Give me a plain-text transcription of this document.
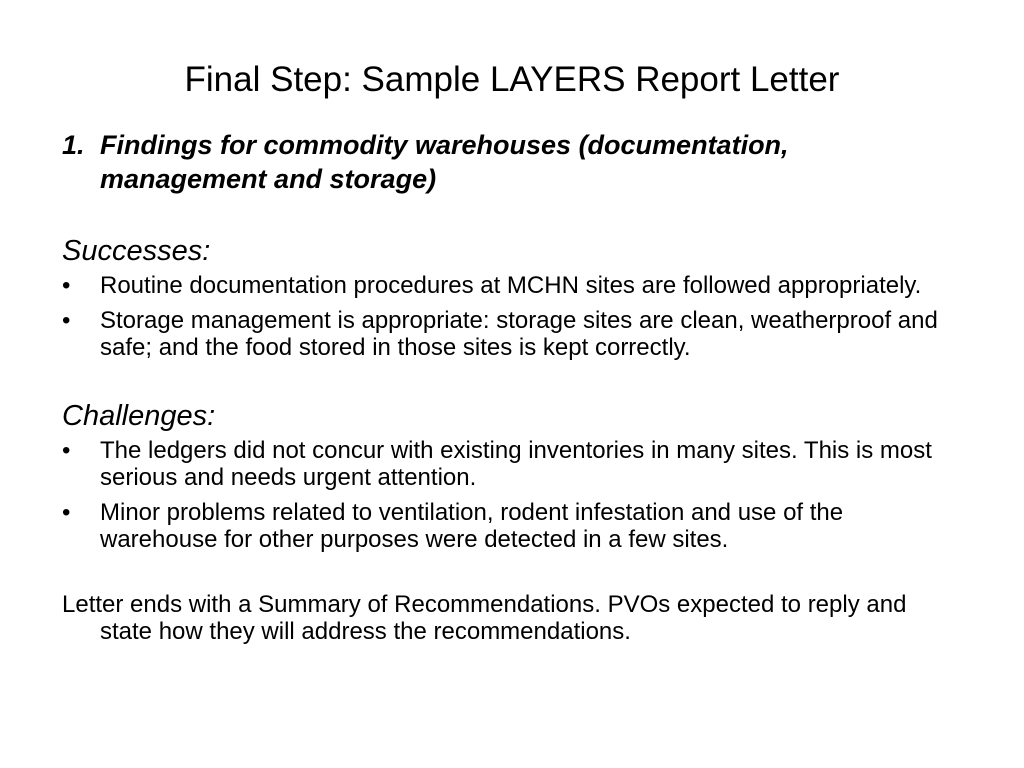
Final Step: Sample LAYERS Report Letter

1. Findings for commodity warehouses (documentation, management and storage)

Successes:

• Routine documentation procedures at MCHN sites are followed appropriately.
• Storage management is appropriate: storage sites are clean, weatherproof and safe; and the food stored in those sites is kept correctly.

Challenges:

• The ledgers did not concur with existing inventories in many sites. This is most serious and needs urgent attention.
• Minor problems related to ventilation, rodent infestation and use of the warehouse for other purposes were detected in a few sites.

Letter ends with a Summary of Recommendations. PVOs expected to reply and state how they will address the recommendations.
